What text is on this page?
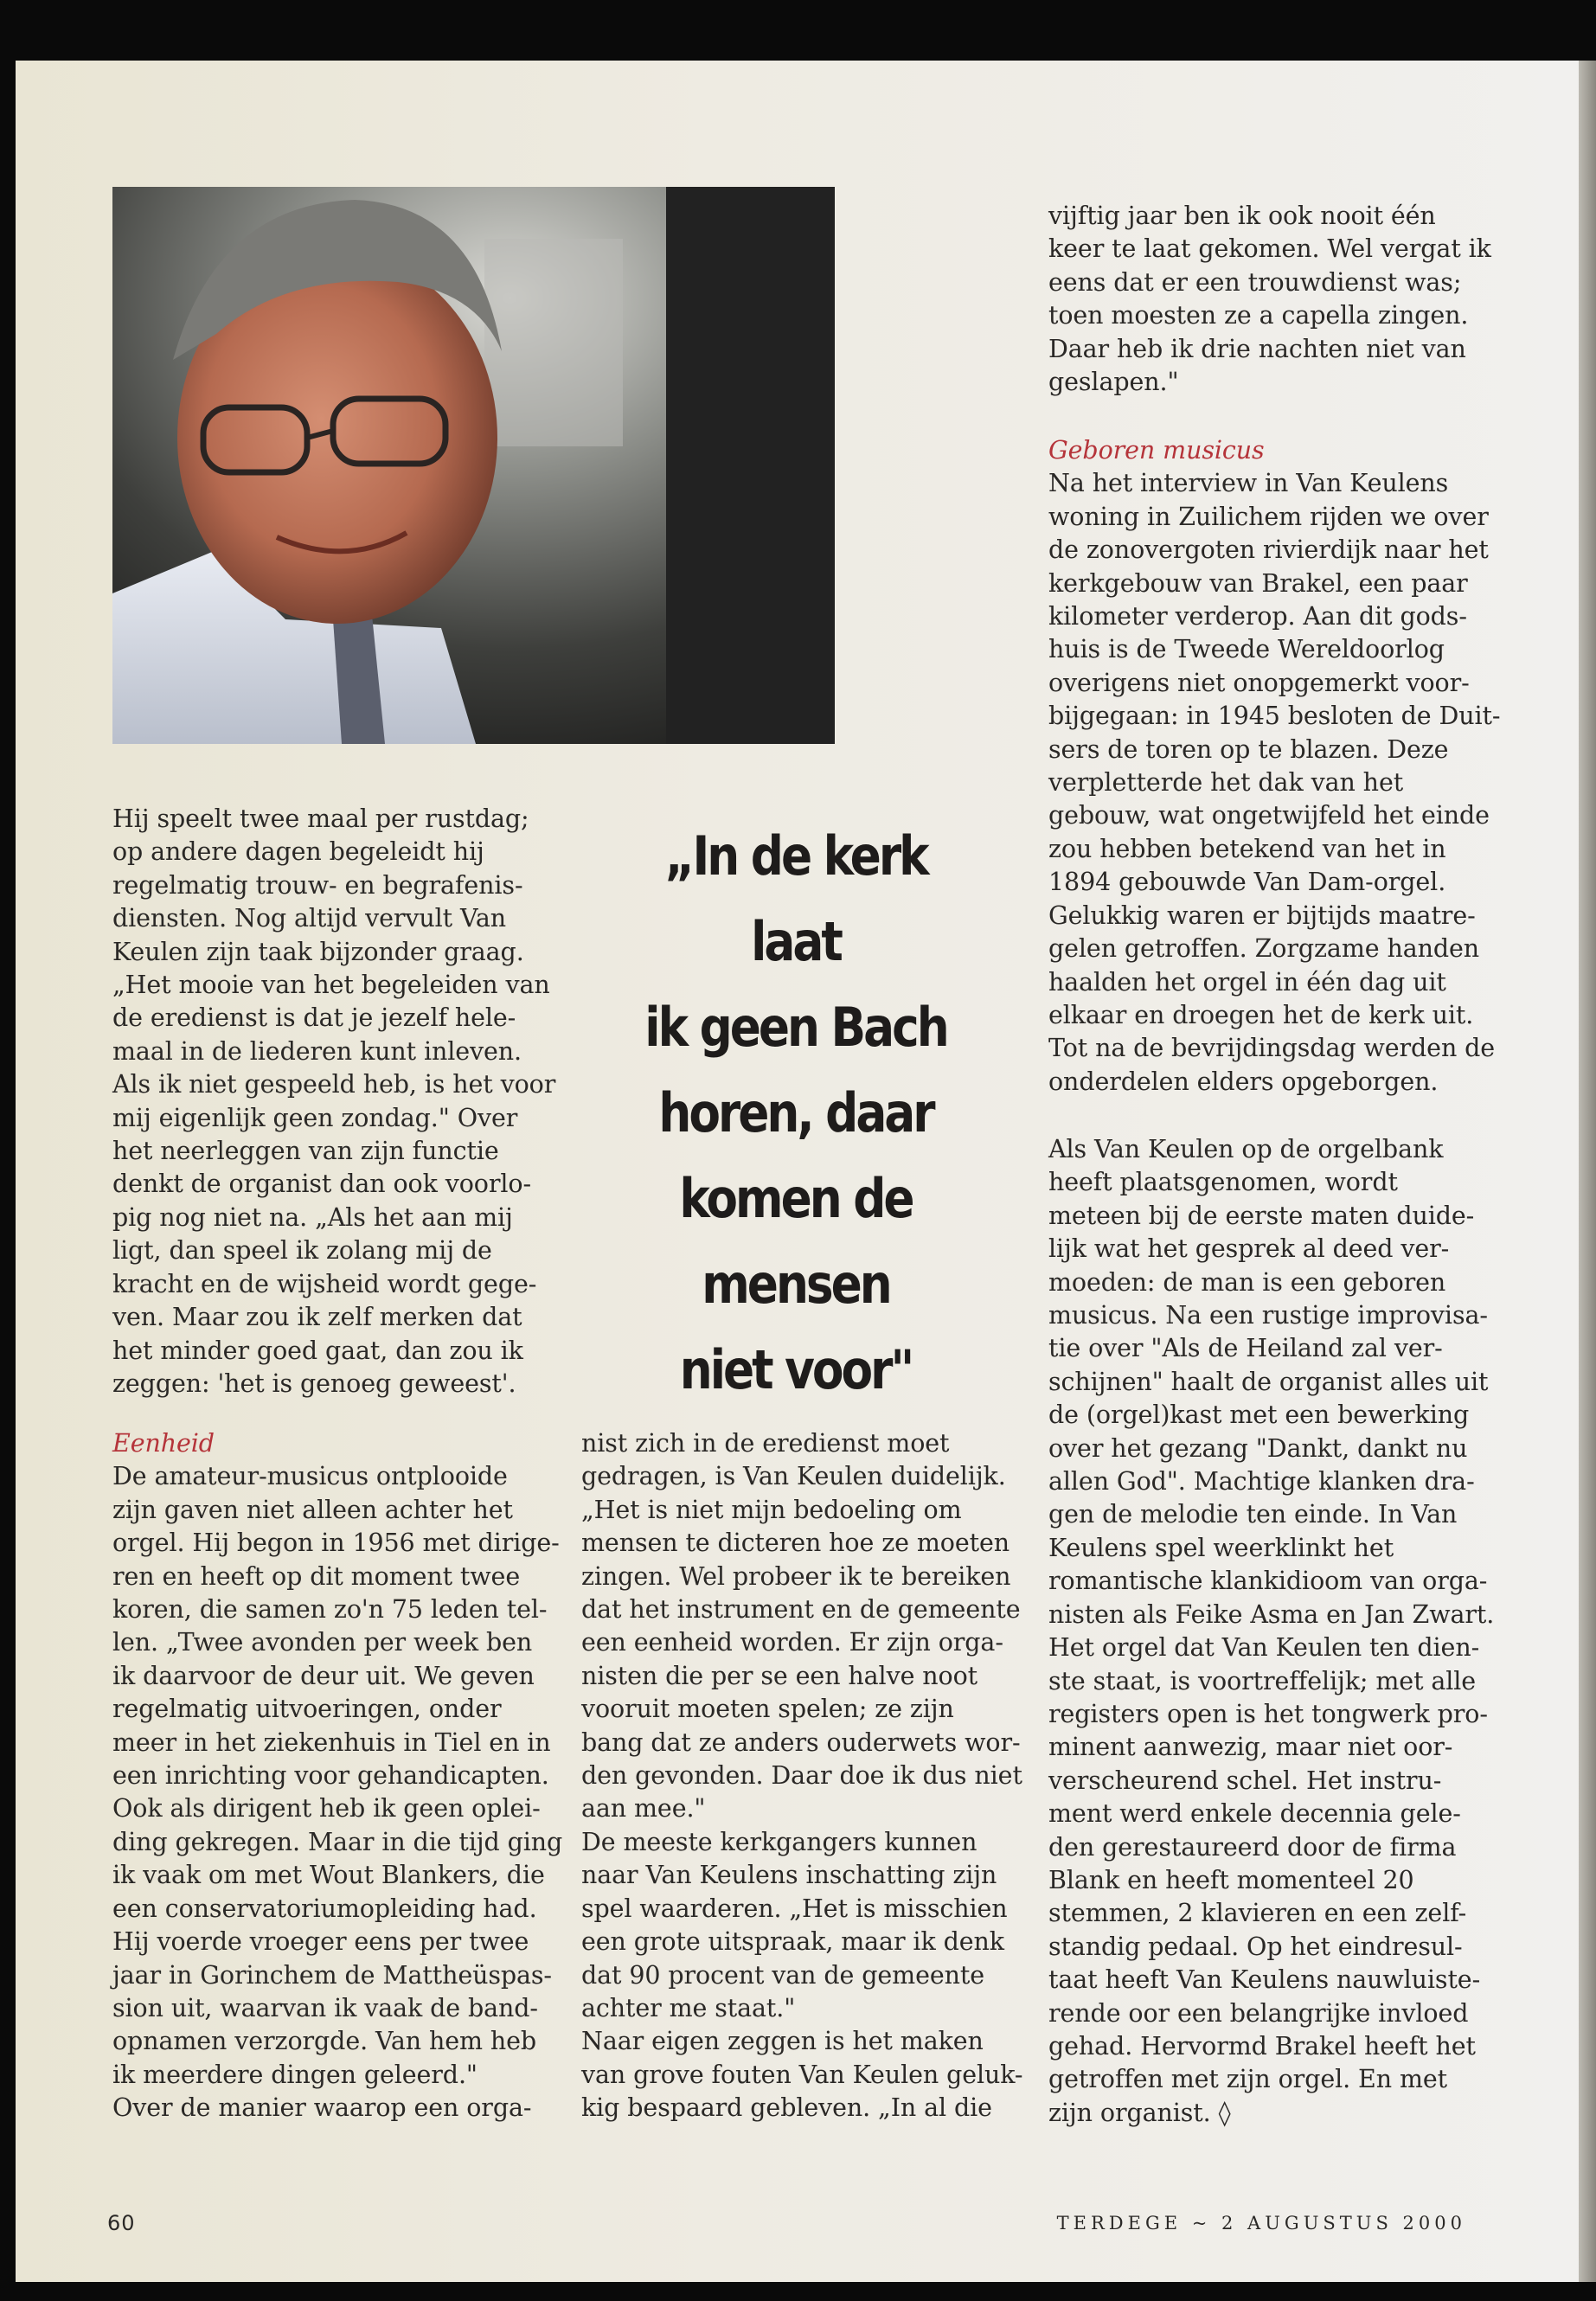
vijftig jaar ben ik ook nooit één

keer te laat gekomen. Wel vergat ik

eens dat er een trouwdienst was;

toen moesten ze a capella zingen.

Daar heb ik drie nachten niet van

geslapen."

Geboren musicus

Na het interview in Van Keulens

woning in Zuilichem rijden we over

de zonovergoten rivierdijk naar het

kerkgebouw van Brakel, een paar

kilometer verderop. Aan dit gods-

huis is de Tweede Wereldoorlog

overigens niet onopgemerkt voor-

bijgegaan: in 1945 besloten de Duit-

sers de toren op te blazen. Deze

verpletterde het dak van het

gebouw, wat ongetwijfeld het einde

zou hebben betekend van het in

1894 gebouwde Van Dam-orgel.

Gelukkig waren er bijtijds maatre-

gelen getroffen. Zorgzame handen

haalden het orgel in één dag uit

elkaar en droegen het de kerk uit.

Tot na de bevrijdingsdag werden de

onderdelen elders opgeborgen.

Als Van Keulen op de orgelbank

heeft plaatsgenomen, wordt

meteen bij de eerste maten duide-

lijk wat het gesprek al deed ver-

moeden: de man is een geboren

musicus. Na een rustige improvisa-

tie over "Als de Heiland zal ver-

schijnen" haalt de organist alles uit

de (orgel)kast met een bewerking

over het gezang "Dankt, dankt nu

allen God". Machtige klanken dra-

gen de melodie ten einde. In Van

Keulens spel weerklinkt het

romantische klankidioom van orga-

nisten als Feike Asma en Jan Zwart.

Het orgel dat Van Keulen ten dien-

ste staat, is voortreffelijk; met alle

registers open is het tongwerk pro-

minent aanwezig, maar niet oor-

verscheurend schel. Het instru-

ment werd enkele decennia gele-

den gerestaureerd door de firma

Blank en heeft momenteel 20

stemmen, 2 klavieren en een zelf-

standig pedaal. Op het eindresul-

taat heeft Van Keulens nauwluiste-

rende oor een belangrijke invloed

gehad. Hervormd Brakel heeft het

getroffen met zijn orgel. En met

zijn organist. ◊

Hij speelt twee maal per rustdag;

op andere dagen begeleidt hij

regelmatig trouw- en begrafenis-

diensten. Nog altijd vervult Van

Keulen zijn taak bijzonder graag.

„Het mooie van het begeleiden van

de eredienst is dat je jezelf hele-

maal in de liederen kunt inleven.

Als ik niet gespeeld heb, is het voor

mij eigenlijk geen zondag." Over

het neerleggen van zijn functie

denkt de organist dan ook voorlo-

pig nog niet na. „Als het aan mij

ligt, dan speel ik zolang mij de

kracht en de wijsheid wordt gege-

ven. Maar zou ik zelf merken dat

het minder goed gaat, dan zou ik

zeggen: 'het is genoeg geweest'.

Eenheid

De amateur-musicus ontplooide

zijn gaven niet alleen achter het

orgel. Hij begon in 1956 met dirige-

ren en heeft op dit moment twee

koren, die samen zo'n 75 leden tel-

len. „Twee avonden per week ben

ik daarvoor de deur uit. We geven

regelmatig uitvoeringen, onder

meer in het ziekenhuis in Tiel en in

een inrichting voor gehandicapten.

Ook als dirigent heb ik geen oplei-

ding gekregen. Maar in die tijd ging

ik vaak om met Wout Blankers, die

een conservatoriumopleiding had.

Hij voerde vroeger eens per twee

jaar in Gorinchem de Mattheüspas-

sion uit, waarvan ik vaak de band-

opnamen verzorgde. Van hem heb

ik meerdere dingen geleerd."

Over de manier waarop een orga-

„In de kerk laat

ik geen Bach

horen, daar

komen de

mensen

niet voor"

nist zich in de eredienst moet

gedragen, is Van Keulen duidelijk.

„Het is niet mijn bedoeling om

mensen te dicteren hoe ze moeten

zingen. Wel probeer ik te bereiken

dat het instrument en de gemeente

een eenheid worden. Er zijn orga-

nisten die per se een halve noot

vooruit moeten spelen; ze zijn

bang dat ze anders ouderwets wor-

den gevonden. Daar doe ik dus niet

aan mee."

De meeste kerkgangers kunnen

naar Van Keulens inschatting zijn

spel waarderen. „Het is misschien

een grote uitspraak, maar ik denk

dat 90 procent van de gemeente

achter me staat."

Naar eigen zeggen is het maken

van grove fouten Van Keulen geluk-

kig bespaard gebleven. „In al die

60	TERDEGE ~ 2 AUGUSTUS 2000
